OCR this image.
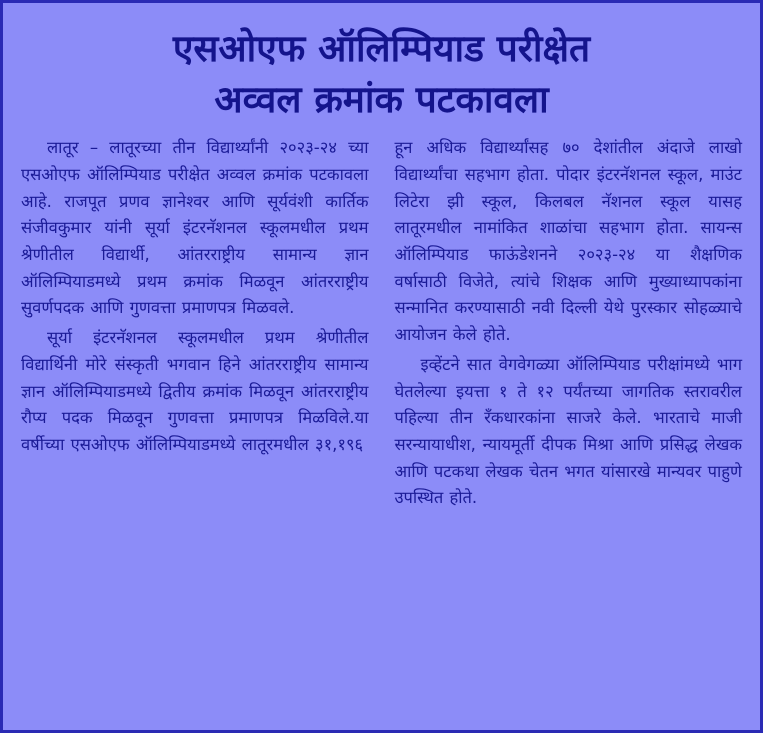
एसओएफ ऑलिम्पियाड परीक्षेत
अव्वल क्रमांक पटकावला

लातूर – लातूरच्या तीन विद्यार्थ्यांनी २०२३-२४ च्या एसओएफ ऑलिम्पियाड परीक्षेत अव्वल क्रमांक पटकावला आहे. राजपूत प्रणव ज्ञानेश्वर आणि सूर्यवंशी कार्तिक संजीवकुमार यांनी सूर्या इंटरनॅशनल स्कूलमधील प्रथम श्रेणीतील विद्यार्थी, आंतरराष्ट्रीय सामान्य ज्ञान ऑलिम्पियाडमध्ये प्रथम क्रमांक मिळवून आंतरराष्ट्रीय सुवर्णपदक आणि गुणवत्ता प्रमाणपत्र मिळवले.

सूर्या इंटरनॅशनल स्कूलमधील प्रथम श्रेणीतील विद्यार्थिनी मोरे संस्कृती भगवान हिने आंतरराष्ट्रीय सामान्य ज्ञान ऑलिम्पियाडमध्ये द्वितीय क्रमांक मिळवून आंतरराष्ट्रीय रौप्य पदक मिळवून गुणवत्ता प्रमाणपत्र मिळविले.या वर्षीच्या एसओएफ ऑलिम्पियाडमध्ये लातूरमधील ३१,१९६

हून अधिक विद्यार्थ्यांसह ७० देशांतील अंदाजे लाखो विद्यार्थ्यांचा सहभाग होता. पोदार इंटरनॅशनल स्कूल, माउंट लिटेरा झी स्कूल, किलबल नॅशनल स्कूल यासह लातूरमधील नामांकित शाळांचा सहभाग होता. सायन्स ऑलिम्पियाड फाऊंडेशनने २०२३-२४ या शैक्षणिक वर्षासाठी विजेते, त्यांचे शिक्षक आणि मुख्याध्यापकांना सन्मानित करण्यासाठी नवी दिल्ली येथे पुरस्कार सोहळ्याचे आयोजन केले होते.

इव्हेंटने सात वेगवेगळ्या ऑलिम्पियाड परीक्षांमध्ये भाग घेतलेल्या इयत्ता १ ते १२ पर्यंतच्या जागतिक स्तरावरील पहिल्या तीन रँकधारकांना साजरे केले. भारताचे माजी सरन्यायाधीश, न्यायमूर्ती दीपक मिश्रा आणि प्रसिद्ध लेखक आणि पटकथा लेखक चेतन भगत यांसारखे मान्यवर पाहुणे उपस्थित होते.
